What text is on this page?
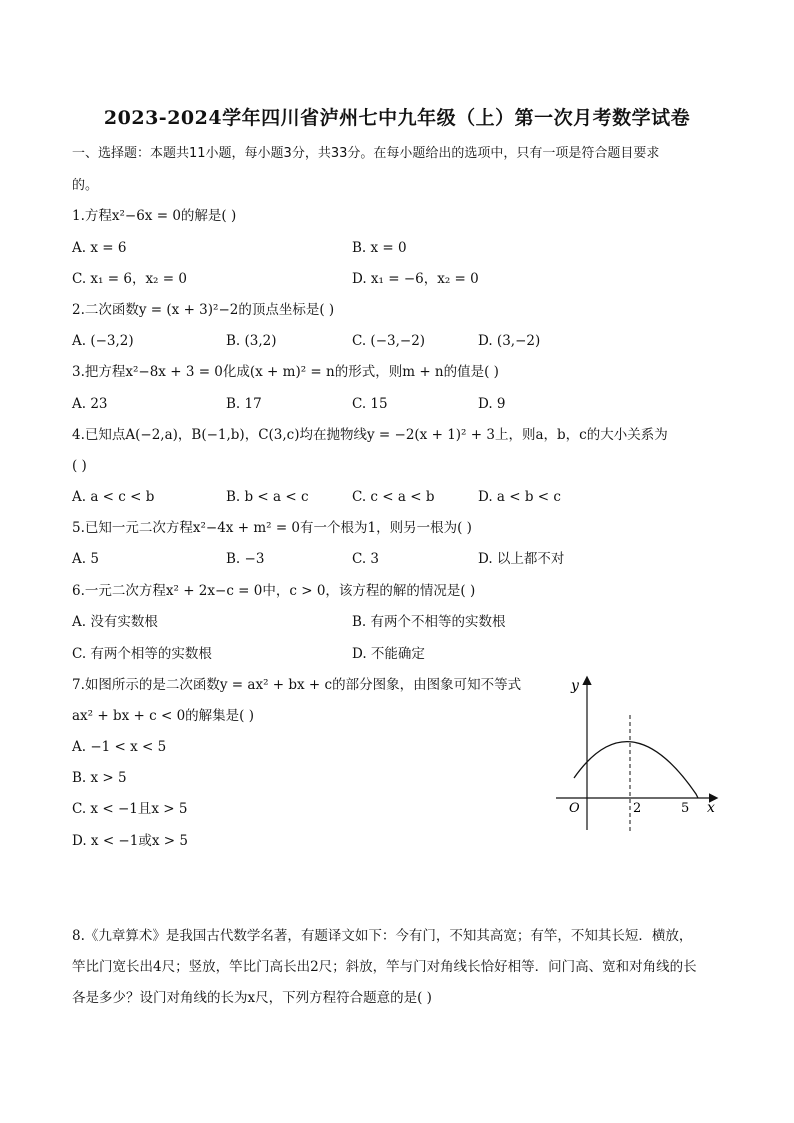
2023-2024学年四川省泸州七中九年级（上）第一次月考数学试卷
一、选择题：本题共11小题，每小题3分，共33分。在每小题给出的选项中，只有一项是符合题目要求
的。
1.方程x²−6x = 0的解是( )
A. x = 6	B. x = 0
C. x₁ = 6，x₂ = 0	D. x₁ = −6，x₂ = 0
2.二次函数y = (x + 3)²−2的顶点坐标是( )
A. (−3,2)	B. (3,2)	C. (−3,−2)	D. (3,−2)
3.把方程x²−8x + 3 = 0化成(x + m)² = n的形式，则m + n的值是( )
A. 23	B. 17	C. 15	D. 9
4.已知点A(−2,a)，B(−1,b)，C(3,c)均在抛物线y = −2(x + 1)² + 3上，则a，b，c的大小关系为
( )
A. a < c < b	B. b < a < c	C. c < a < b	D. a < b < c
5.已知一元二次方程x²−4x + m² = 0有一个根为1，则另一根为( )
A. 5	B. −3	C. 3	D. 以上都不对
6.一元二次方程x² + 2x−c = 0中，c > 0，该方程的解的情况是( )
A. 没有实数根	B. 有两个不相等的实数根
C. 有两个相等的实数根	D. 不能确定
7.如图所示的是二次函数y = ax² + bx + c的部分图象，由图象可知不等式
ax² + bx + c < 0的解集是( )
A. −1 < x < 5
B. x > 5
C. x < −1且x > 5
D. x < −1或x > 5
y
x
O	2	5
8.《九章算术》是我国古代数学名著，有题译文如下：今有门，不知其高宽；有竿，不知其长短．横放，
竿比门宽长出4尺；竖放，竿比门高长出2尺；斜放，竿与门对角线长恰好相等．问门高、宽和对角线的长
各是多少？设门对角线的长为x尺，下列方程符合题意的是( )
